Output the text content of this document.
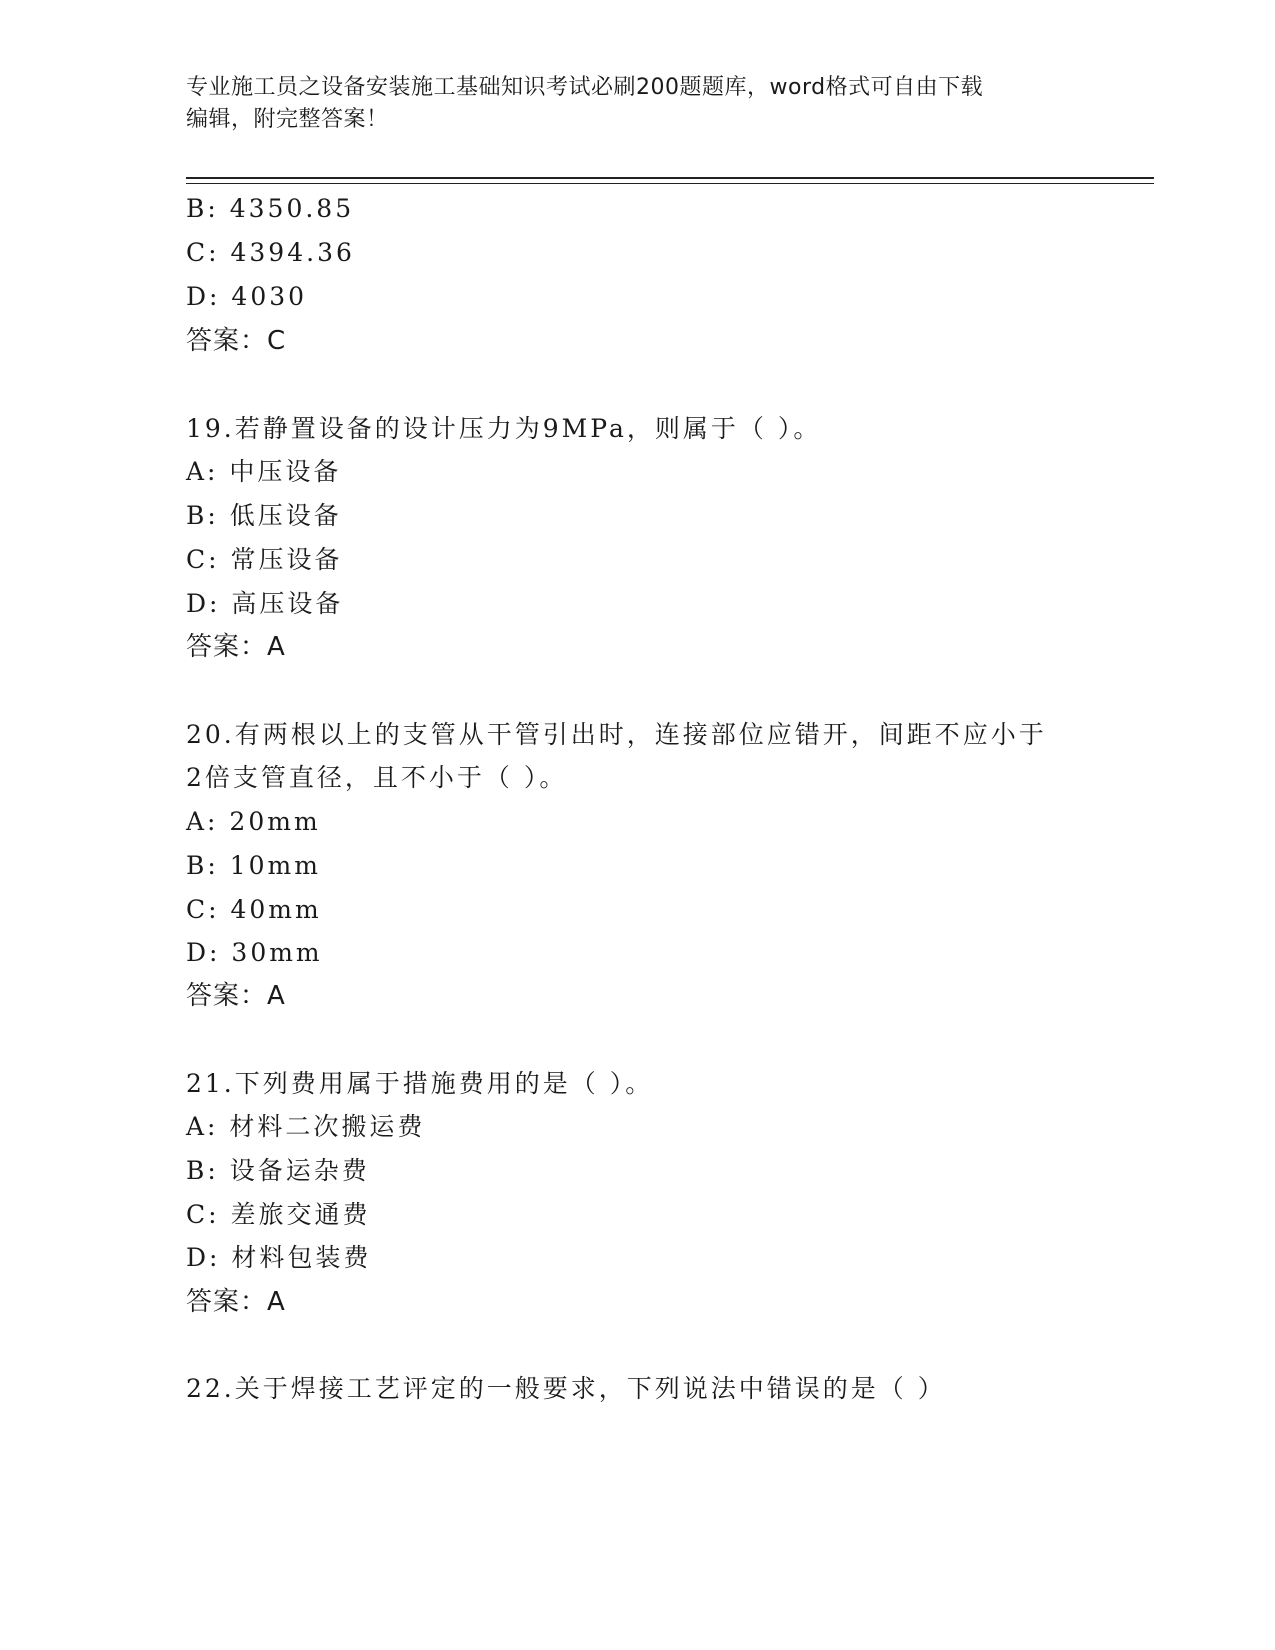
专业施工员之设备安装施工基础知识考试必刷200题题库，word格式可自由下载
编辑，附完整答案！
B: 4350.85
C: 4394.36
D: 4030
答案：C
19.若静置设备的设计压力为9MPa，则属于（ ）。
A: 中压设备
B: 低压设备
C: 常压设备
D: 高压设备
答案：A
20.有两根以上的支管从干管引出时，连接部位应错开，间距不应小于
2倍支管直径，且不小于（ ）。
A: 20mm
B: 10mm
C: 40mm
D: 30mm
答案：A
21.下列费用属于措施费用的是（ ）。
A: 材料二次搬运费
B: 设备运杂费
C: 差旅交通费
D: 材料包装费
答案：A
22.关于焊接工艺评定的一般要求，下列说法中错误的是（ ）
